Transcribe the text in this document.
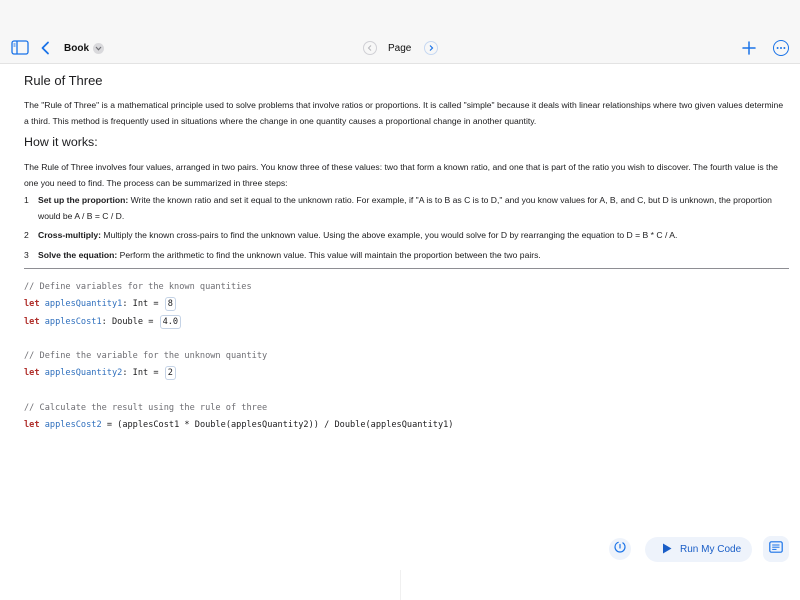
Book	Page
Rule of Three
The "Rule of Three" is a mathematical principle used to solve problems that involve ratios or proportions. It is called "simple" because it deals with linear relationships where two given values determine a third. This method is frequently used in situations where the change in one quantity causes a proportional change in another quantity.
How it works:
The Rule of Three involves four values, arranged in two pairs. You know three of these values: two that form a known ratio, and one that is part of the ratio you wish to discover. The fourth value is the one you need to find. The process can be summarized in three steps:
1	Set up the proportion: Write the known ratio and set it equal to the unknown ratio. For example, if "A is to B as C is to D," and you know values for A, B, and C, but D is unknown, the proportion would be A / B = C / D.
2	Cross-multiply: Multiply the known cross-pairs to find the unknown value. Using the above example, you would solve for D by rearranging the equation to D = B * C / A.
3	Solve the equation: Perform the arithmetic to find the unknown value. This value will maintain the proportion between the two pairs.
// Define variables for the known quantities
let applesQuantity1: Int = 8
let applesCost1: Double = 4.0
// Define the variable for the unknown quantity
let applesQuantity2: Int = 2
// Calculate the result using the rule of three
let applesCost2 = (applesCost1 * Double(applesQuantity2)) / Double(applesQuantity1)
Run My Code
